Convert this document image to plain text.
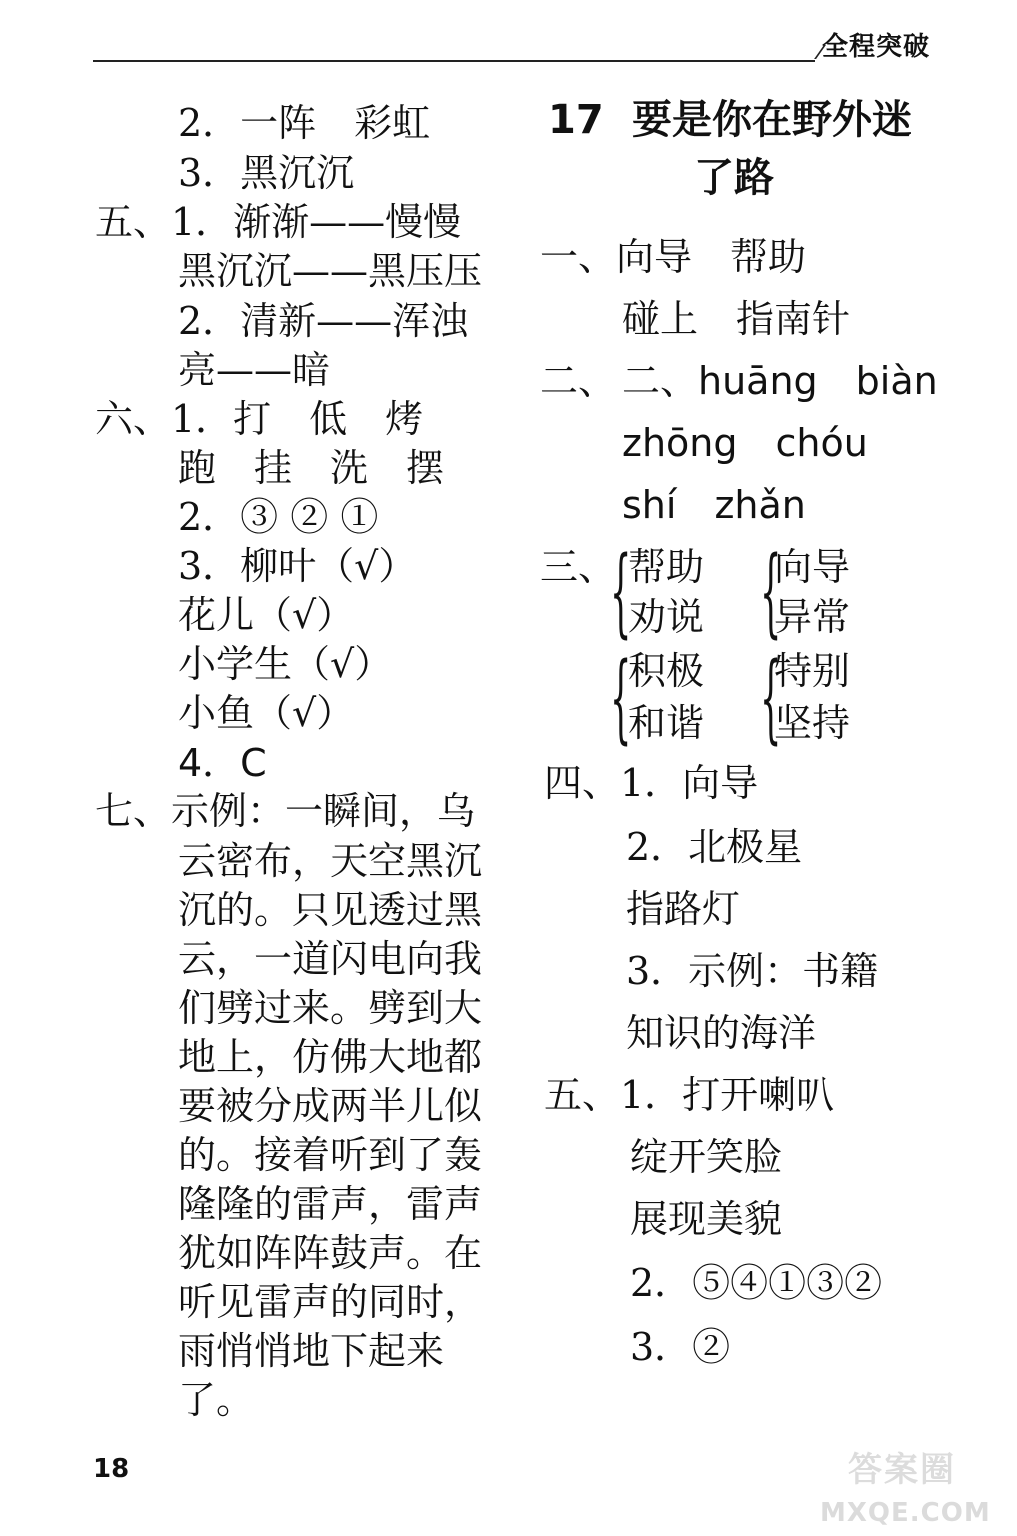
全程突破
2．一阵　彩虹
3．黑沉沉
五、1．渐渐——慢慢
黑沉沉——黑压压
2．清新——浑浊
亮——暗
六、1．打　低　烤
跑　挂　洗　摆
2．③ ② ①
3．柳叶（√）
花儿（√）
小学生（√）
小鱼（√）
4．C
七、示例：一瞬间，乌
云密布，天空黑沉
沉的。只见透过黑
云，一道闪电向我
们劈过来。劈到大
地上，仿佛大地都
要被分成两半儿似
的。接着听到了轰
隆隆的雷声，雷声
犹如阵阵鼓声。在
听见雷声的同时，
雨悄悄地下起来
了。
17 要是你在野外迷
了路
一、向导　帮助
碰上　指南针
二、 二、huāng　biàn
zhōng　chóu
shí　zhǎn
三、
{
帮助
劝说 {
向导
异常
{
积极
和谐 {
特别
坚持
四、1．向导
2．北极星
指路灯
3．示例：书籍
知识的海洋
五、1．打开喇叭
绽开笑脸
展现美貌
2．⑤④①③②
3．②
18	答案圈
MXQE.COM
